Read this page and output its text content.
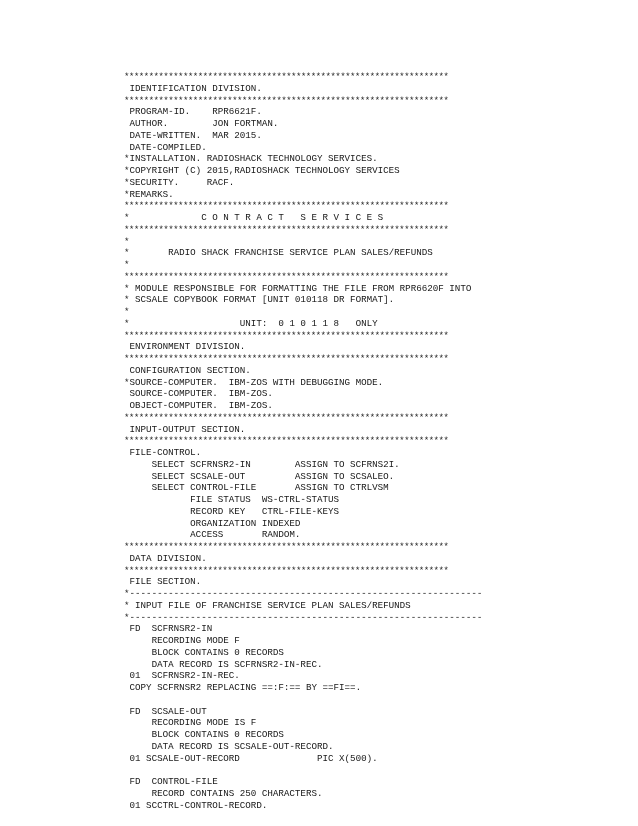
******************************************************************
IDENTIFICATION DIVISION.
******************************************************************
PROGRAM-ID.    RPR6621F.
AUTHOR.        JON FORTMAN.
DATE-WRITTEN.  MAR 2015.
DATE-COMPILED.
*INSTALLATION. RADIOSHACK TECHNOLOGY SERVICES.
*COPYRIGHT (C) 2015,RADIOSHACK TECHNOLOGY SERVICES
*SECURITY.     RACF.
*REMARKS.
******************************************************************
*             C O N T R A C T   S E R V I C E S
******************************************************************
*
*       RADIO SHACK FRANCHISE SERVICE PLAN SALES/REFUNDS
*
******************************************************************
* MODULE RESPONSIBLE FOR FORMATTING THE FILE FROM RPR6620F INTO
* SCSALE COPYBOOK FORMAT [UNIT 010118 DR FORMAT].
*
*                    UNIT:  0 1 0 1 1 8   ONLY
******************************************************************
ENVIRONMENT DIVISION.
******************************************************************
CONFIGURATION SECTION.
*SOURCE-COMPUTER.  IBM-ZOS WITH DEBUGGING MODE.
SOURCE-COMPUTER.  IBM-ZOS.
OBJECT-COMPUTER.  IBM-ZOS.
******************************************************************
INPUT-OUTPUT SECTION.
******************************************************************
FILE-CONTROL.
SELECT SCFRNSR2-IN        ASSIGN TO SCFRNS2I.
SELECT SCSALE-OUT         ASSIGN TO SCSALEO.
SELECT CONTROL-FILE       ASSIGN TO CTRLVSM
FILE STATUS  WS-CTRL-STATUS
RECORD KEY   CTRL-FILE-KEYS
ORGANIZATION INDEXED
ACCESS       RANDOM.
******************************************************************
DATA DIVISION.
******************************************************************
FILE SECTION.
*----------------------------------------------------------------
* INPUT FILE OF FRANCHISE SERVICE PLAN SALES/REFUNDS
*----------------------------------------------------------------
FD  SCFRNSR2-IN
RECORDING MODE F
BLOCK CONTAINS 0 RECORDS
DATA RECORD IS SCFRNSR2-IN-REC.
01  SCFRNSR2-IN-REC.
COPY SCFRNSR2 REPLACING ==:F:== BY ==FI==.
FD  SCSALE-OUT
RECORDING MODE IS F
BLOCK CONTAINS 0 RECORDS
DATA RECORD IS SCSALE-OUT-RECORD.
01 SCSALE-OUT-RECORD              PIC X(500).
FD  CONTROL-FILE
RECORD CONTAINS 250 CHARACTERS.
01 SCCTRL-CONTROL-RECORD.
